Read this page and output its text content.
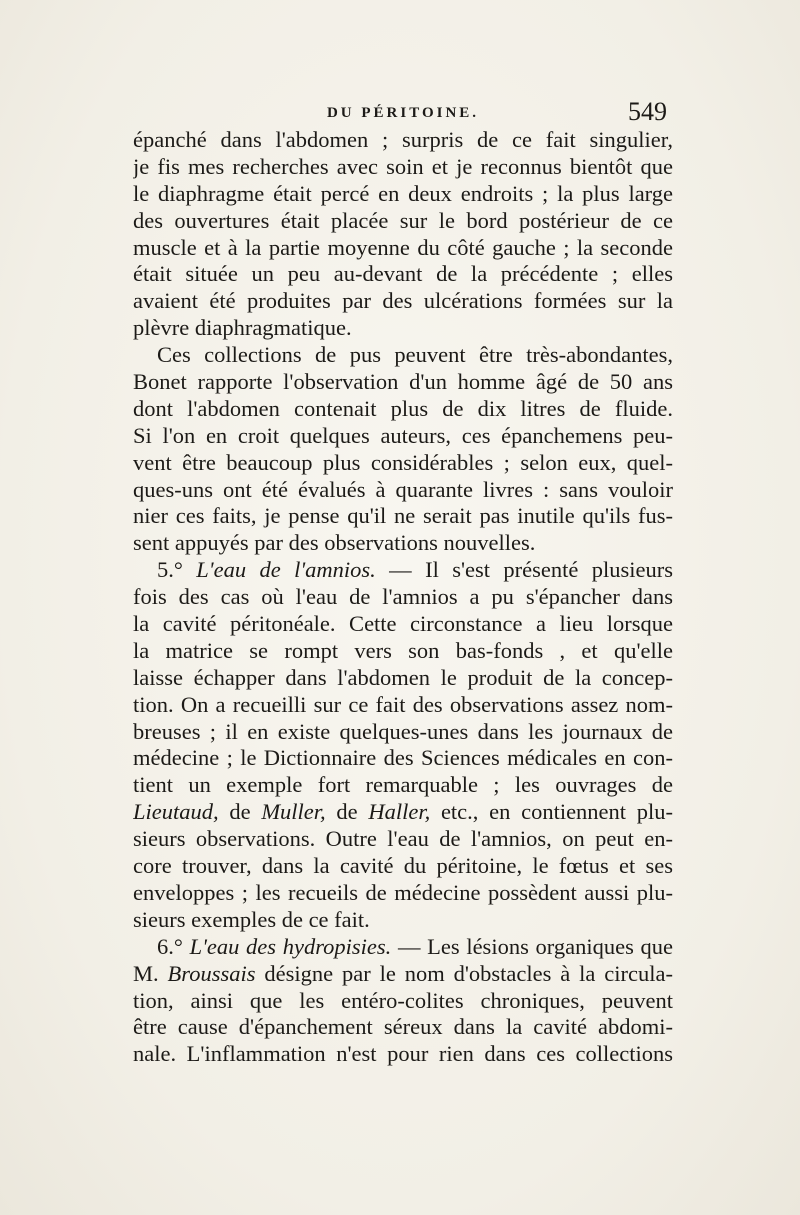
DU PÉRITOINE.	549
épanché dans l'abdomen ; surpris de ce fait singulier,
je fis mes recherches avec soin et je reconnus bientôt que
le diaphragme était percé en deux endroits ; la plus large
des ouvertures était placée sur le bord postérieur de ce
muscle et à la partie moyenne du côté gauche ; la seconde
était située un peu au-devant de la précédente ; elles
avaient été produites par des ulcérations formées sur la
plèvre diaphragmatique.
Ces collections de pus peuvent être très-abondantes,
Bonet rapporte l'observation d'un homme âgé de 50 ans
dont l'abdomen contenait plus de dix litres de fluide.
Si l'on en croit quelques auteurs, ces épanchemens peu-
vent être beaucoup plus considérables ; selon eux, quel-
ques-uns ont été évalués à quarante livres : sans vouloir
nier ces faits, je pense qu'il ne serait pas inutile qu'ils fus-
sent appuyés par des observations nouvelles.
5.° L'eau de l'amnios. — Il s'est présenté plusieurs
fois des cas où l'eau de l'amnios a pu s'épancher dans
la cavité péritonéale. Cette circonstance a lieu lorsque
la matrice se rompt vers son bas-fonds , et qu'elle
laisse échapper dans l'abdomen le produit de la concep-
tion. On a recueilli sur ce fait des observations assez nom-
breuses ; il en existe quelques-unes dans les journaux de
médecine ; le Dictionnaire des Sciences médicales en con-
tient un exemple fort remarquable ; les ouvrages de
Lieutaud, de Muller, de Haller, etc., en contiennent plu-
sieurs observations. Outre l'eau de l'amnios, on peut en-
core trouver, dans la cavité du péritoine, le fœtus et ses
enveloppes ; les recueils de médecine possèdent aussi plu-
sieurs exemples de ce fait.
6.° L'eau des hydropisies. — Les lésions organiques que
M. Broussais désigne par le nom d'obstacles à la circula-
tion, ainsi que les entéro-colites chroniques, peuvent
être cause d'épanchement séreux dans la cavité abdomi-
nale. L'inflammation n'est pour rien dans ces collections
